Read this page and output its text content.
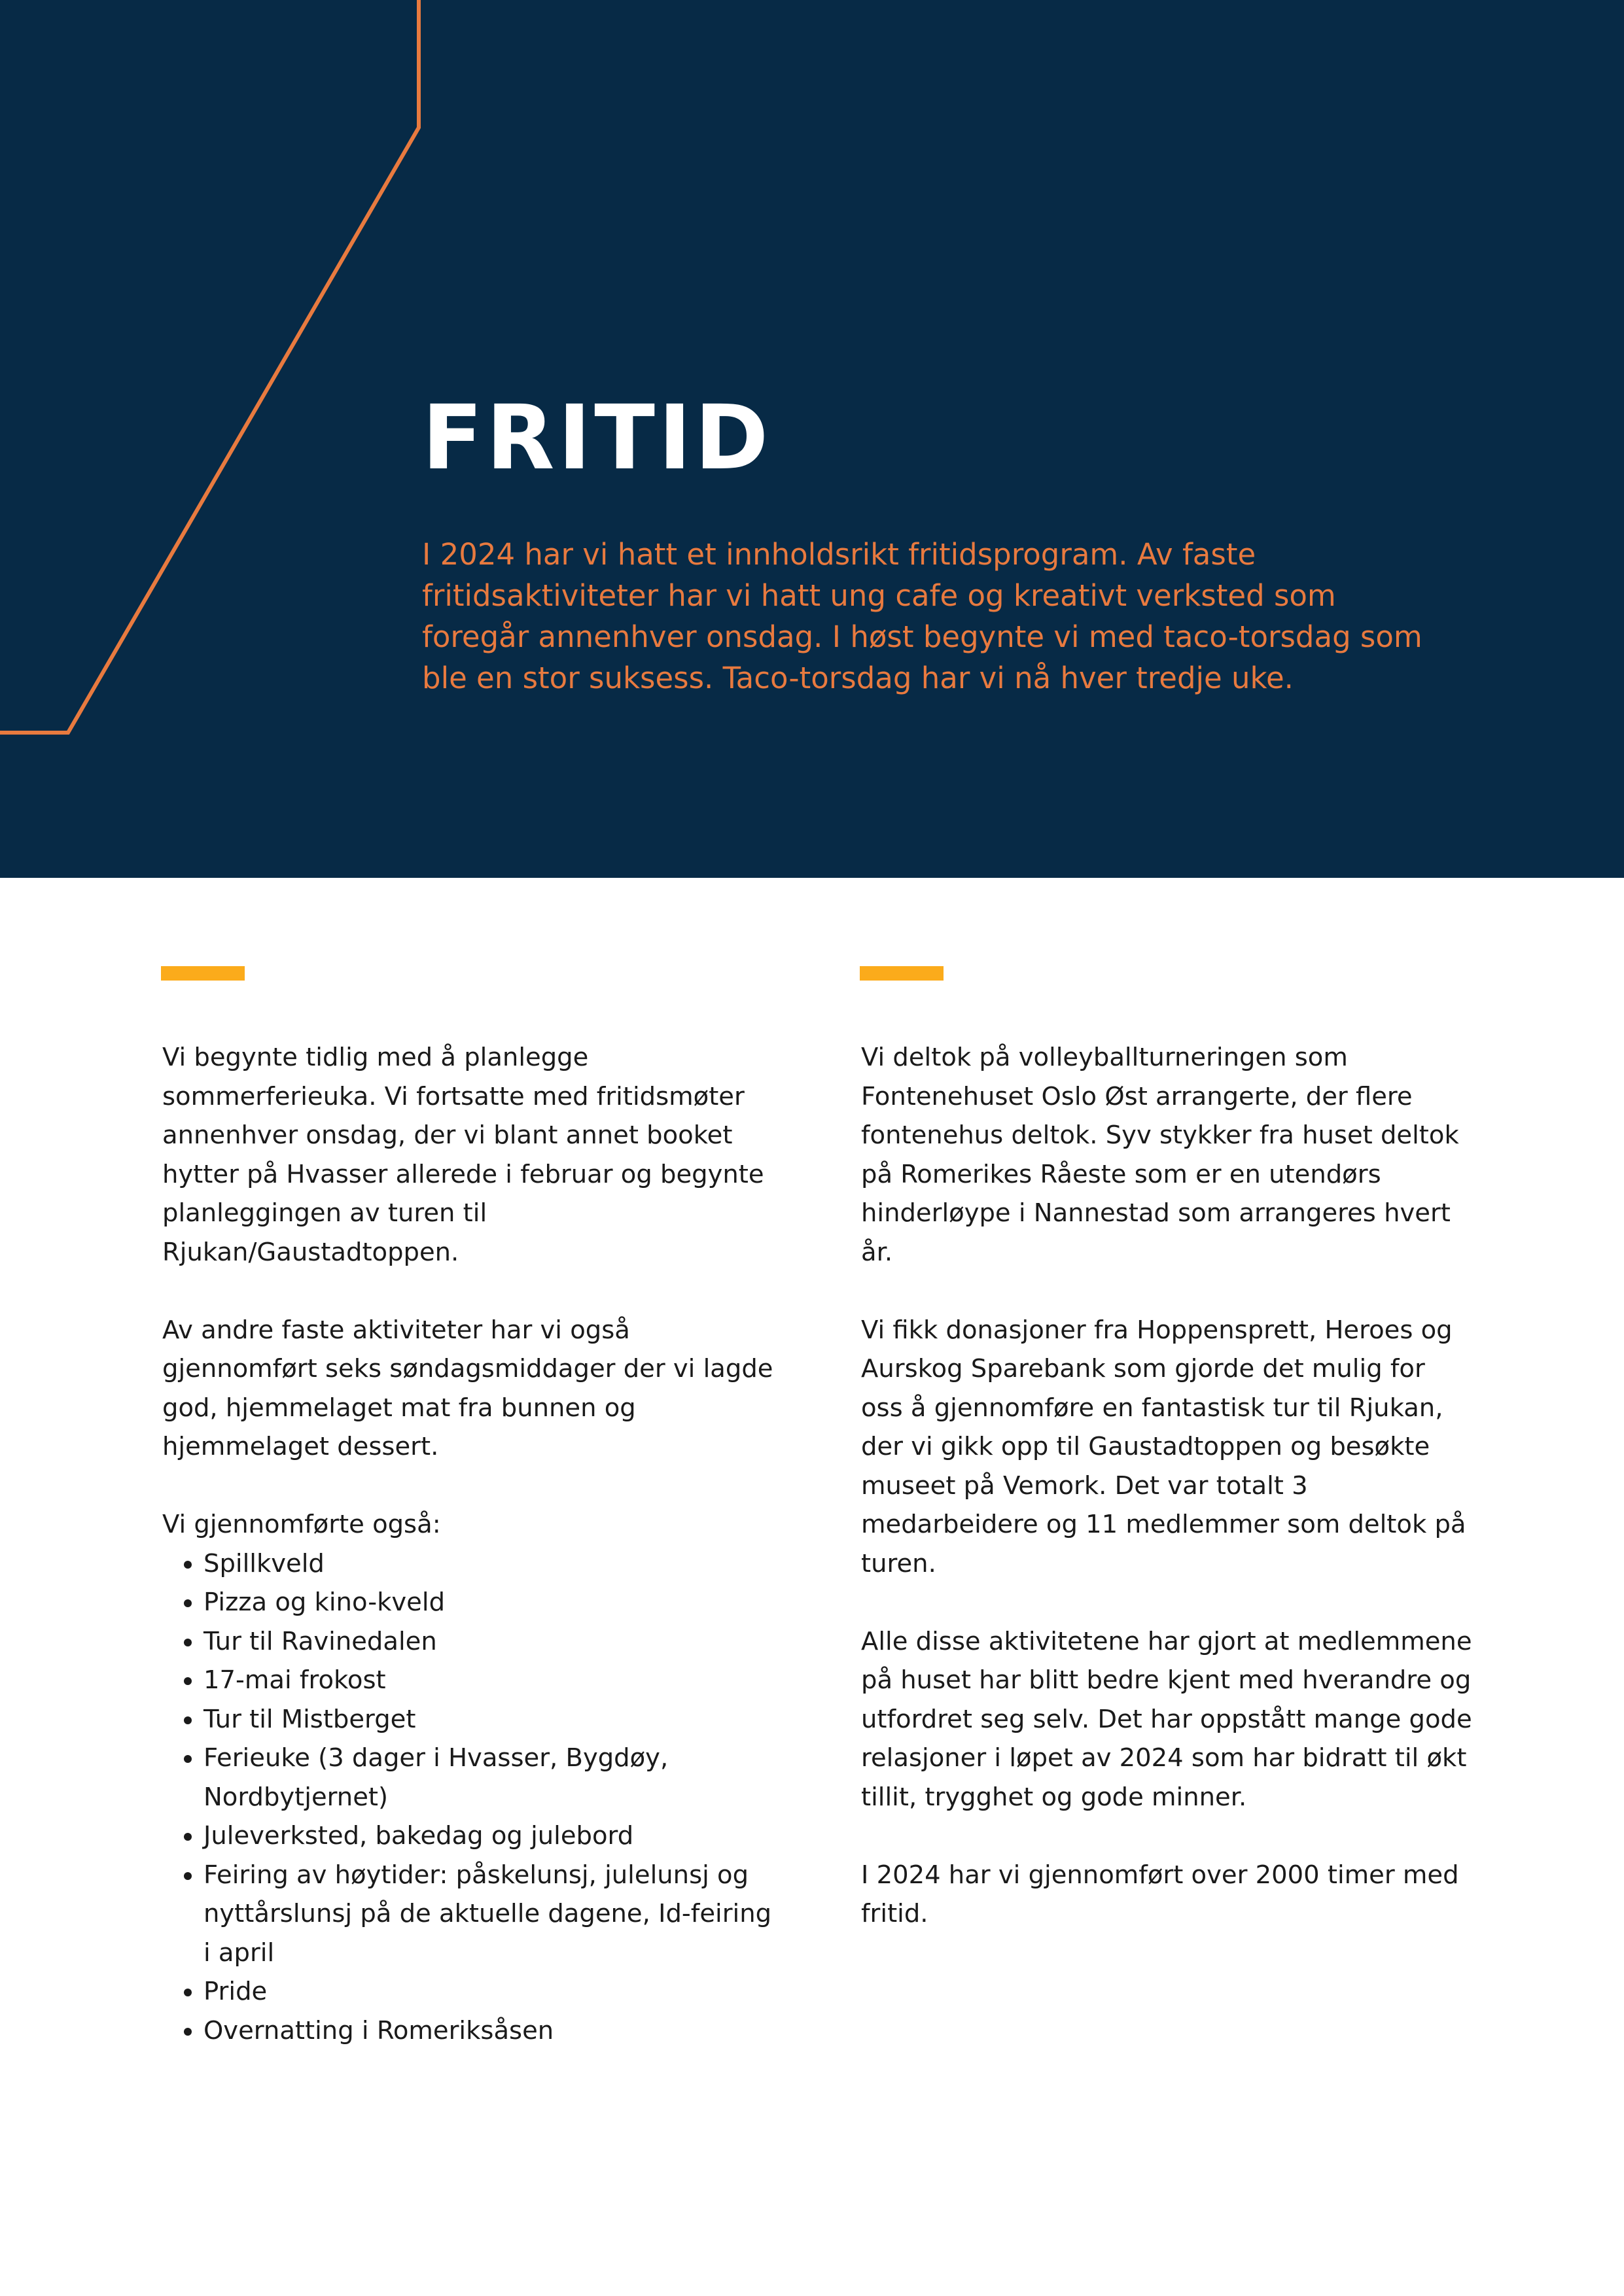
FRITID

I 2024 har vi hatt et innholdsrikt fritidsprogram. Av faste fritidsaktiviteter har vi hatt ung cafe og kreativt verksted som foregår annenhver onsdag. I høst begynte vi med taco-torsdag som ble en stor suksess. Taco-torsdag har vi nå hver tredje uke.

Vi begynte tidlig med å planlegge sommerferieuka. Vi fortsatte med fritidsmøter annenhver onsdag, der vi blant annet booket hytter på Hvasser allerede i februar og begynte planleggingen av turen til Rjukan/Gaustadtoppen.

Av andre faste aktiviteter har vi også gjennomført seks søndagsmiddager der vi lagde god, hjemmelaget mat fra bunnen og hjemmelaget dessert.

Vi gjennomførte også:

• Spillkveld
• Pizza og kino-kveld
• Tur til Ravinedalen
• 17-mai frokost
• Tur til Mistberget
• Ferieuke (3 dager i Hvasser, Bygdøy, Nordbytjernet)
• Juleverksted, bakedag og julebord
• Feiring av høytider: påskelunsj, julelunsj og nyttårslunsj på de aktuelle dagene, Id-feiring i april
• Pride
• Overnatting i Romeriksåsen

Vi deltok på volleyballturneringen som Fontenehuset Oslo Øst arrangerte, der flere fontenehus deltok. Syv stykker fra huset deltok på Romerikes Råeste som er en utendørs hinderløype i Nannestad som arrangeres hvert år.

Vi fikk donasjoner fra Hoppensprett, Heroes og Aurskog Sparebank som gjorde det mulig for oss å gjennomføre en fantastisk tur til Rjukan, der vi gikk opp til Gaustadtoppen og besøkte museet på Vemork. Det var totalt 3 medarbeidere og 11 medlemmer som deltok på turen.

Alle disse aktivitetene har gjort at medlemmene på huset har blitt bedre kjent med hverandre og utfordret seg selv. Det har oppstått mange gode relasjoner i løpet av 2024 som har bidratt til økt tillit, trygghet og gode minner.

I 2024 har vi gjennomført over 2000 timer med fritid.
